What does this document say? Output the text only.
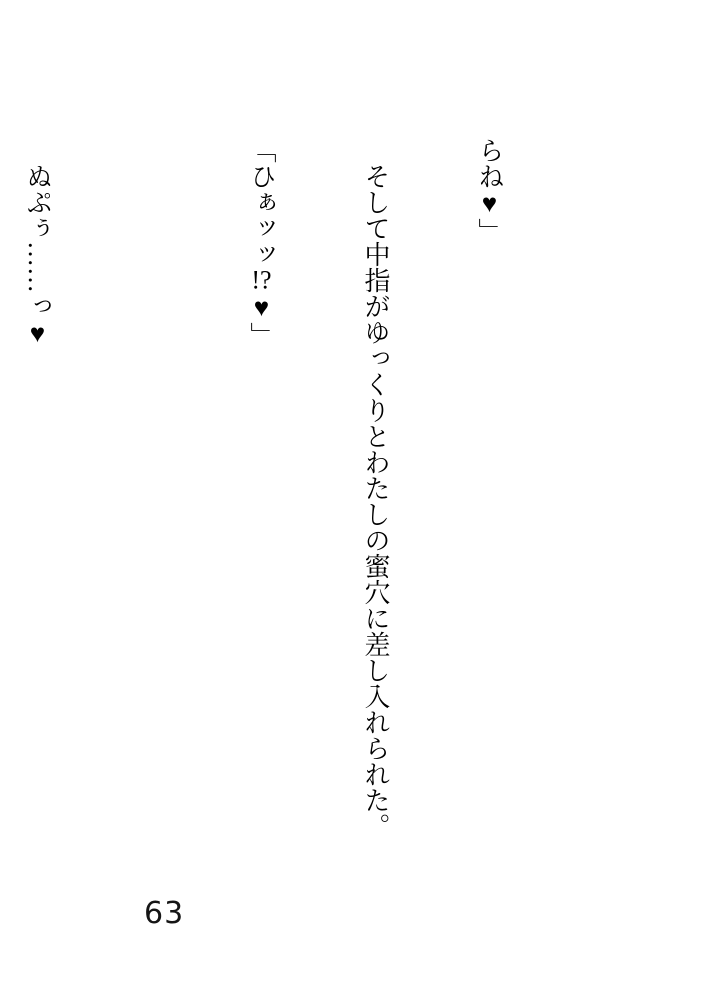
らね♥」

　そして中指がゆっくりとわたしの蜜穴に差し入れられた。

「ひぁッッ!?♥」

　ぬぷぅ……っ♥

63
